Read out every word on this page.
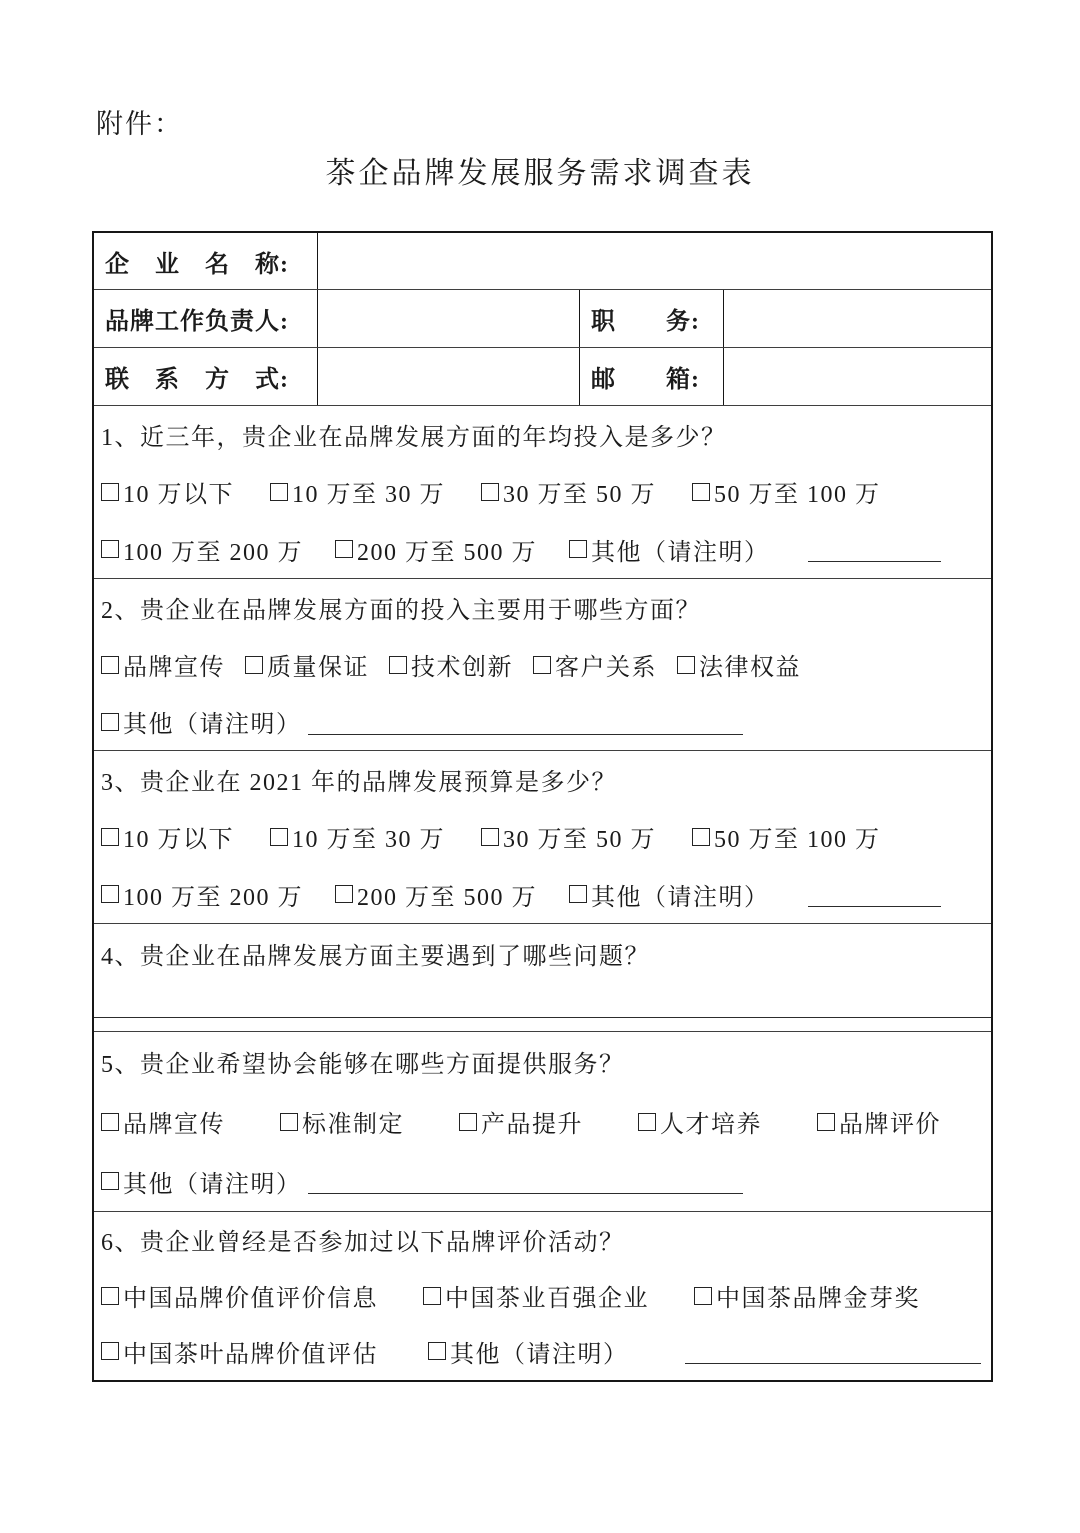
附件：
茶企品牌发展服务需求调查表
企　业　名　称:
品牌工作负责人:	职　　务:
联　系　方　式:	邮　　箱:
1、近三年，贵企业在品牌发展方面的年均投入是多少？
10 万以下 10 万至 30 万 30 万至 50 万 50 万至 100 万
100 万至 200 万 200 万至 500 万 其他（请注明）
2、贵企业在品牌发展方面的投入主要用于哪些方面？
品牌宣传 质量保证 技术创新 客户关系 法律权益
其他（请注明）
3、贵企业在 2021 年的品牌发展预算是多少？
10 万以下 10 万至 30 万 30 万至 50 万 50 万至 100 万
100 万至 200 万 200 万至 500 万 其他（请注明）
4、贵企业在品牌发展方面主要遇到了哪些问题？
5、贵企业希望协会能够在哪些方面提供服务？
品牌宣传	标准制定	产品提升	人才培养	品牌评价
其他（请注明）
6、贵企业曾经是否参加过以下品牌评价活动？
中国品牌价值评价信息	中国茶业百强企业	中国茶品牌金芽奖
中国茶叶品牌价值评估	其他（请注明）
